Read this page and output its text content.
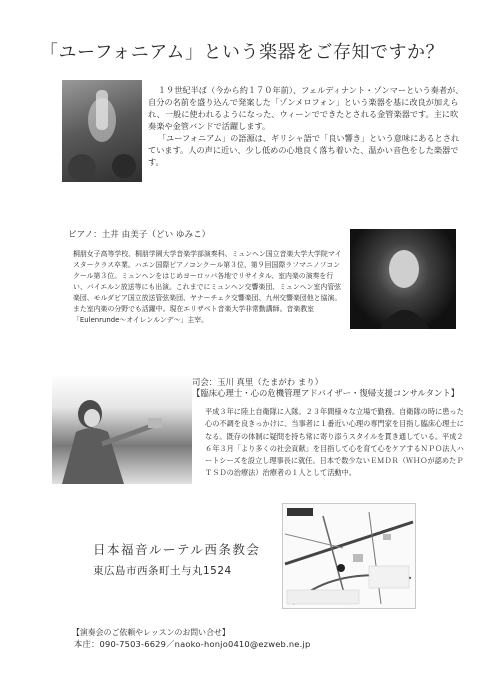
「ユーフォニアム」という楽器をご存知ですか？

１９世紀半ば（今から約１７０年前）、フェルディナント・ゾンマーという奏者が、自分の名前を盛り込んで発案した「ゾンメロフォン」という楽器を基に改良が加えられ、一般に使われるようになった、ウィーンでできたとされる金管楽器です。主に吹奏楽や金管バンドで活躍します。

「ユーフォニアム」の語源は、ギリシャ語で「良い響き」という意味にあるとされています。人の声に近い、少し低めの心地良く落ち着いた、温かい音色をした楽器です。

ピアノ：土井 由美子（どい ゆみこ）
桐朋女子高等学校、桐朋学園大学音楽学部演奏科、ミュンヘン国立音楽大学大学院マイスタークラス卒業。ハエン国際ピアノコンクール第３位、第９回国際ラフマニノフコンクール第３位。ミュンヘンをはじめヨーロッパ各地でリサイタル、室内楽の演奏を行い、バイエルン放送等にも出演。これまでにミュンヘン交響楽団、ミュンヘン室内管弦楽団、モルダビア国立放送管弦楽団、ヤナーチェク交響楽団、九州交響楽団他と協演。また室内楽の分野でも活躍中。現在エリザベト音楽大学非常勤講師。音楽教室「Eulenrunde～オイレンルンデ～」主宰。
司会：玉川 真里（たまがわ まり）
【臨床心理士・心の危機管理アドバイザー・復帰支援コンサルタント】
平成３年に陸上自衛隊に入隊。２３年間様々な立場で勤務。自衛隊の時に患った心の不調を良きっかけに、当事者に１番近い心理の専門家を目指し臨床心理士になる。既存の体制に疑問を持ち常に寄り添うスタイルを貫き通している。平成２６年３月「より多くの社会貢献」を目指して心を育て心をケアするＮＰＯ法人ハートシーズを設立し理事長に就任。日本で数少ないＥＭＤＲ（ＷＨＯが認めたＰＴＳＤの治療法）治療者の１人として活動中。
日本福音ルーテル西条教会
東広島市西条町土与丸1524
【演奏会のご依頼やレッスンのお問い合せ】
本庄：090-7503-6629／naoko-honjo0410@ezweb.ne.jp
